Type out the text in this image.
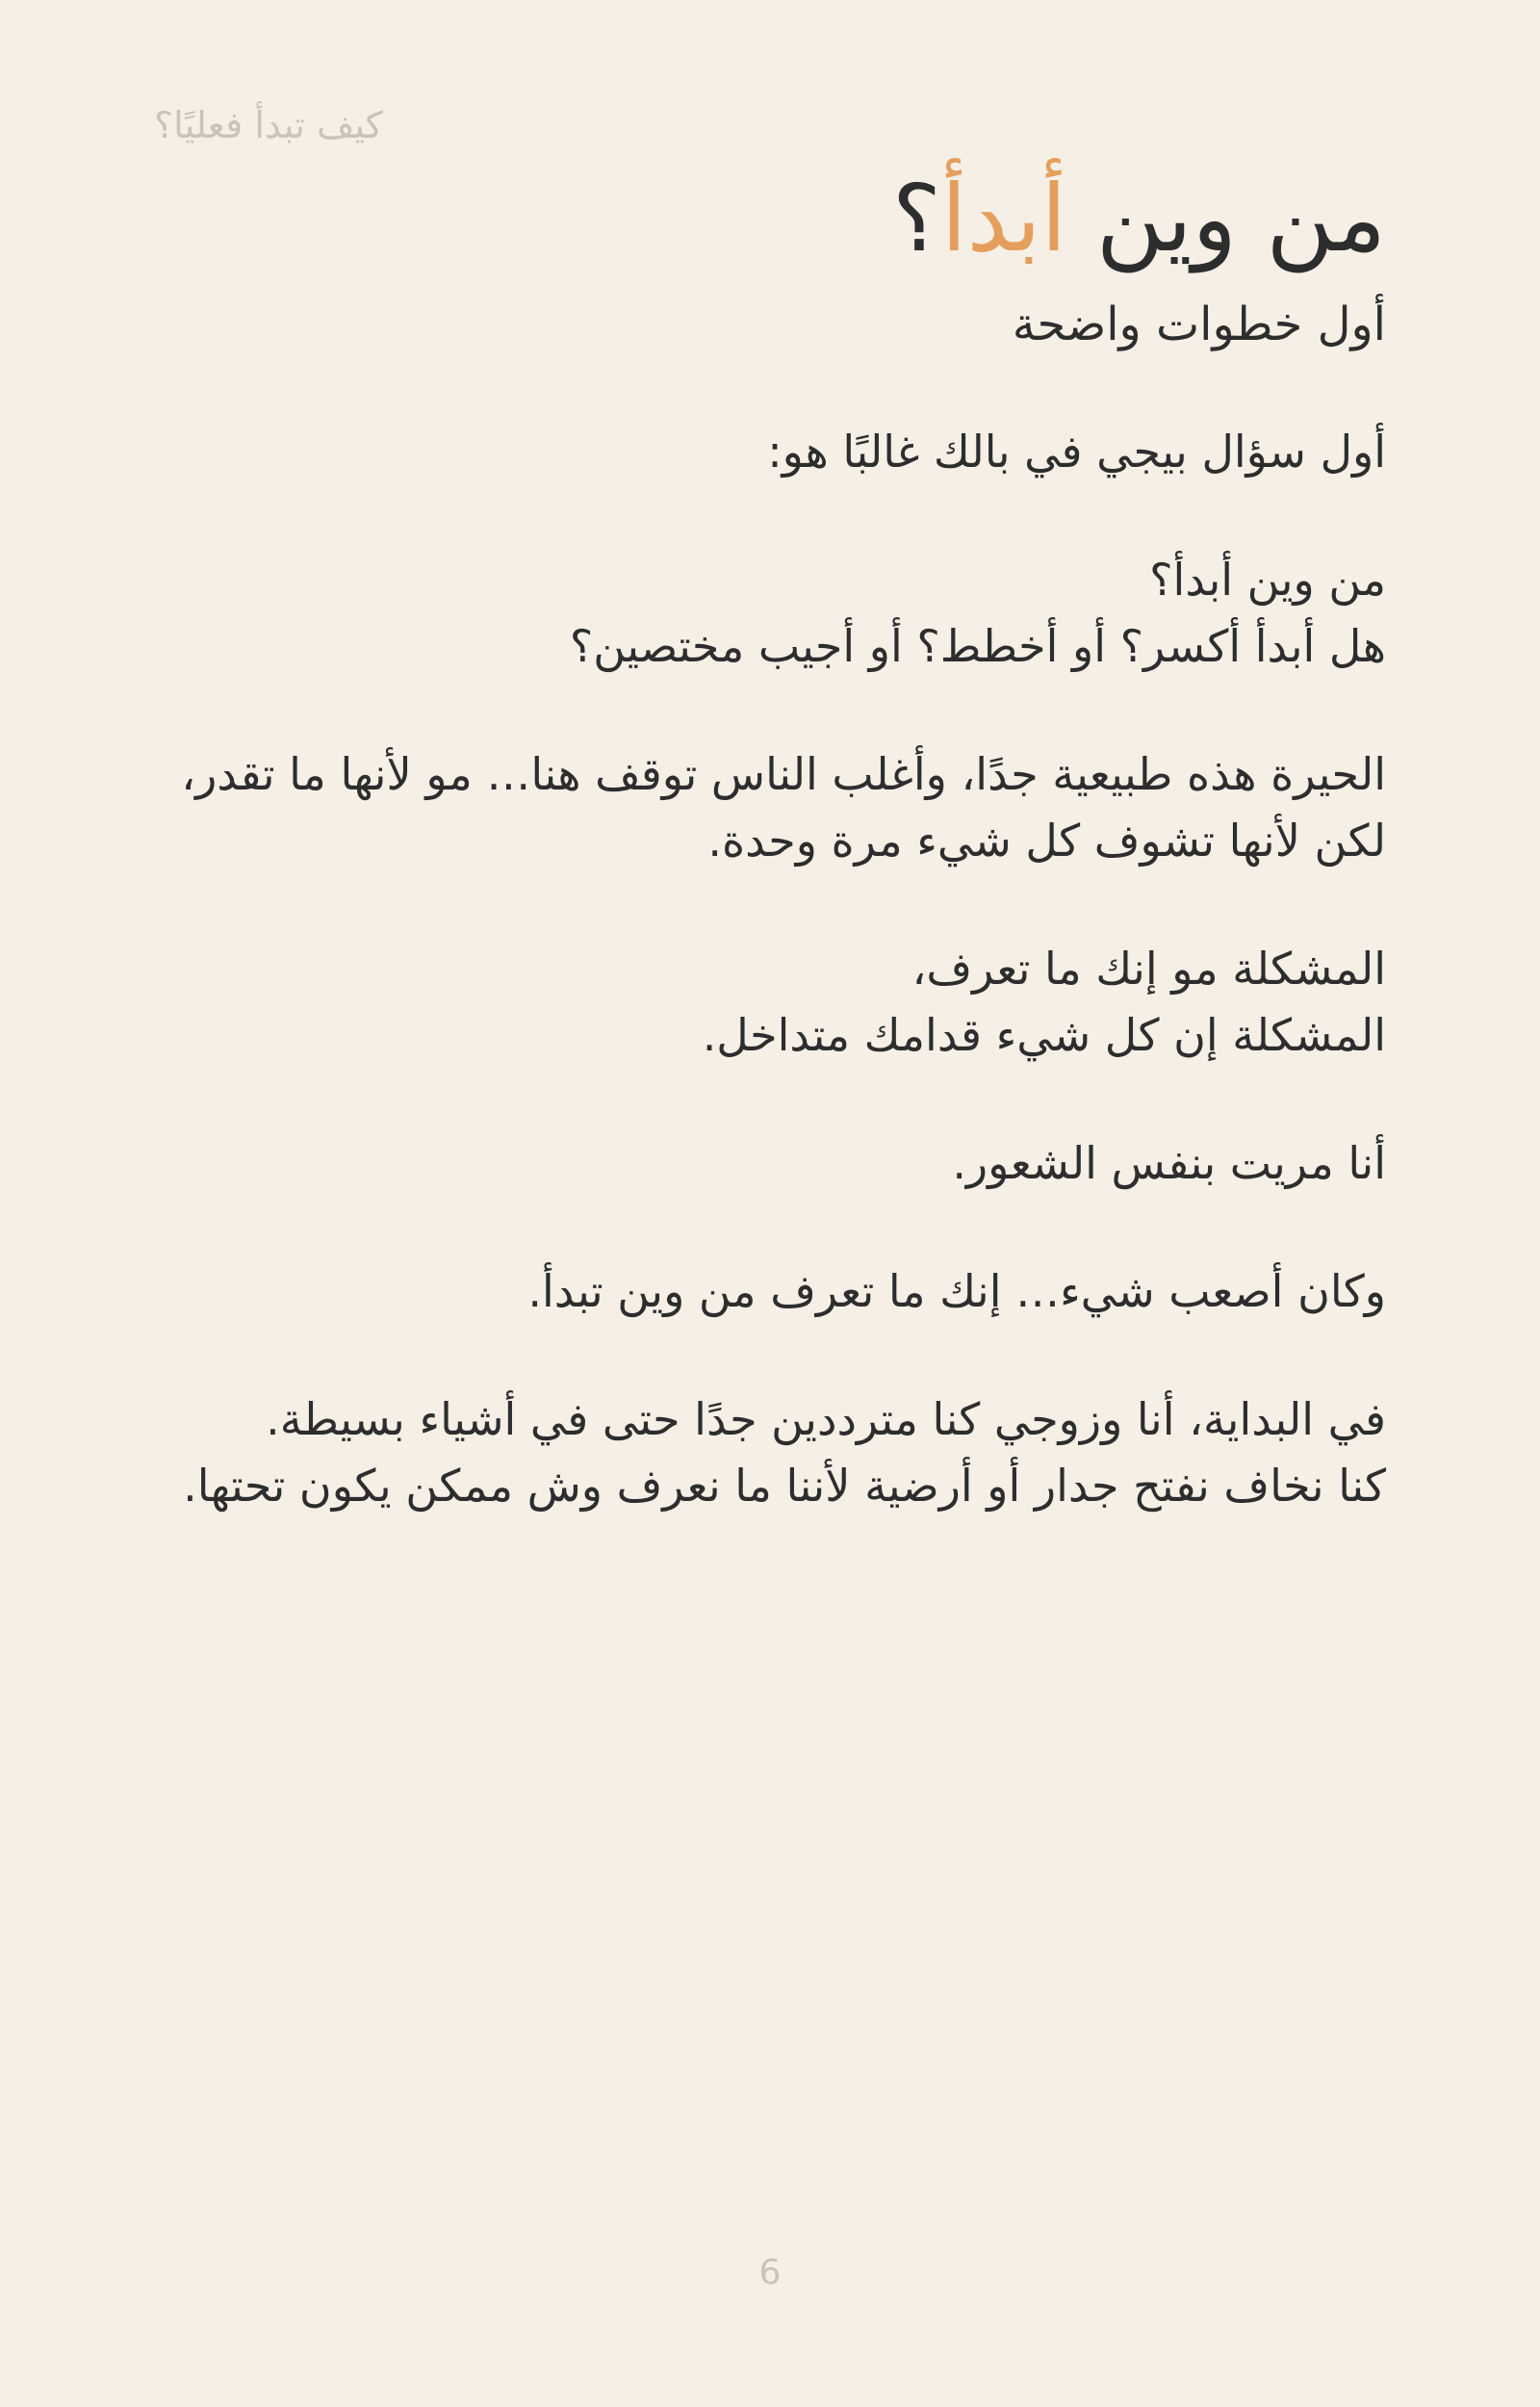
كيف تبدأ فعليًا؟
من وين أبدأ؟
أول خطوات واضحة

أول سؤال بيجي في بالك غالبًا هو:

من وين أبدأ؟
هل أبدأ أكسر؟ أو أخطط؟ أو أجيب مختصين؟

الحيرة هذه طبيعية جدًا، وأغلب الناس توقف هنا… مو لأنها ما تقدر،
لكن لأنها تشوف كل شيء مرة وحدة.

المشكلة مو إنك ما تعرف،
المشكلة إن كل شيء قدامك متداخل.

أنا مريت بنفس الشعور.

وكان أصعب شيء… إنك ما تعرف من وين تبدأ.

في البداية، أنا وزوجي كنا مترددين جدًا حتى في أشياء بسيطة.
كنا نخاف نفتح جدار أو أرضية لأننا ما نعرف وش ممكن يكون تحتها.

6
